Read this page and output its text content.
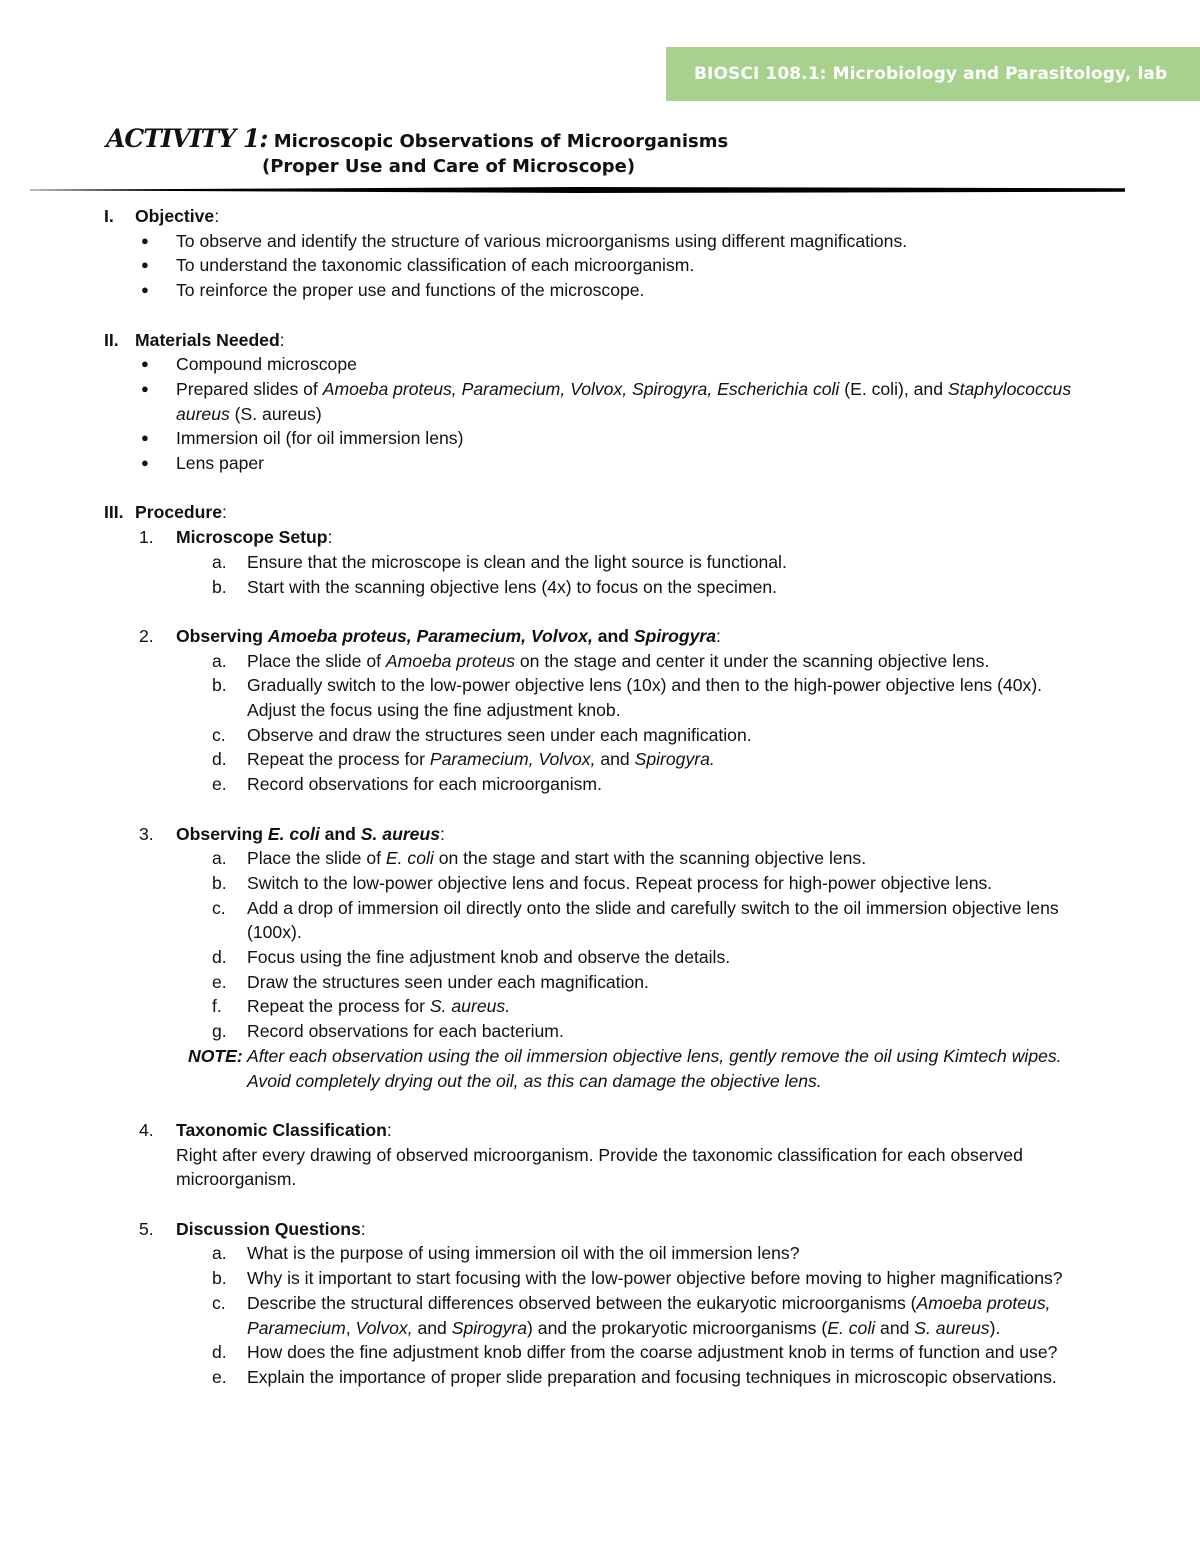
BIOSCI 108.1: Microbiology and Parasitology, lab
ACTIVITY 1: Microscopic Observations of Microorganisms
(Proper Use and Care of Microscope)
I.	Objective:
●	To observe and identify the structure of various microorganisms using different magnifications.
●	To understand the taxonomic classification of each microorganism.
●	To reinforce the proper use and functions of the microscope.
II. Materials Needed:
●	Compound microscope
●	Prepared slides of Amoeba proteus, Paramecium, Volvox, Spirogyra, Escherichia coli (E. coli), and Staphylococcus
aureus (S. aureus)
●	Immersion oil (for oil immersion lens)
●	Lens paper
III. Procedure:
1.	Microscope Setup:
a.	Ensure that the microscope is clean and the light source is functional.
b.	Start with the scanning objective lens (4x) to focus on the specimen.
2.	Observing Amoeba proteus, Paramecium, Volvox, and Spirogyra:
a.	Place the slide of Amoeba proteus on the stage and center it under the scanning objective lens.
b.	Gradually switch to the low-power objective lens (10x) and then to the high-power objective lens (40x).
Adjust the focus using the fine adjustment knob.
c.	Observe and draw the structures seen under each magnification.
d.	Repeat the process for Paramecium, Volvox, and Spirogyra.
e.	Record observations for each microorganism.
3.	Observing E. coli and S. aureus:
a.	Place the slide of E. coli on the stage and start with the scanning objective lens.
b.	Switch to the low-power objective lens and focus. Repeat process for high-power objective lens.
c.	Add a drop of immersion oil directly onto the slide and carefully switch to the oil immersion objective lens
(100x).
d.	Focus using the fine adjustment knob and observe the details.
e.	Draw the structures seen under each magnification.
f.	Repeat the process for S. aureus.
g.	Record observations for each bacterium.
NOTE: After each observation using the oil immersion objective lens, gently remove the oil using Kimtech wipes.
Avoid completely drying out the oil, as this can damage the objective lens.
4.	Taxonomic Classification:
Right after every drawing of observed microorganism. Provide the taxonomic classification for each observed
microorganism.
5.	Discussion Questions:
a.	What is the purpose of using immersion oil with the oil immersion lens?
b.	Why is it important to start focusing with the low-power objective before moving to higher magnifications?
c.	Describe the structural differences observed between the eukaryotic microorganisms (Amoeba proteus,
Paramecium, Volvox, and Spirogyra) and the prokaryotic microorganisms (E. coli and S. aureus).
d.	How does the fine adjustment knob differ from the coarse adjustment knob in terms of function and use?
e.	Explain the importance of proper slide preparation and focusing techniques in microscopic observations.
